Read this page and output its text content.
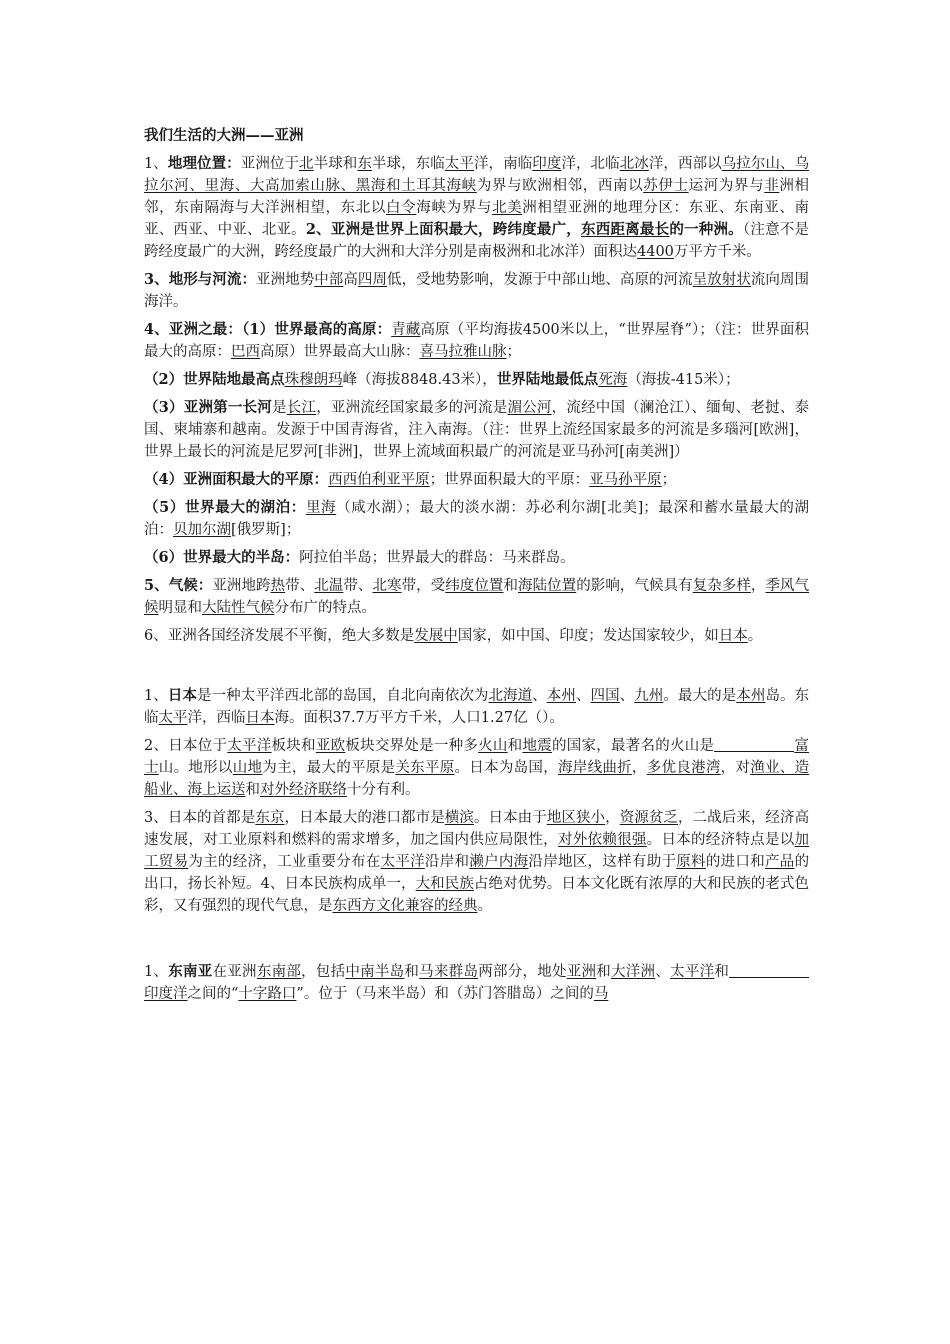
我们生活的大洲——亚洲
1、地理位置：亚洲位于北半球和东半球，东临太平洋，南临印度洋，北临北冰洋，西部以乌拉尔山、乌拉尔河、里海、大高加索山脉、黑海和土耳其海峡为界与欧洲相邻，西南以苏伊士运河为界与非洲相邻，东南隔海与大洋洲相望，东北以白令海峡为界与北美洲相望亚洲的地理分区：东亚、东南亚、南亚、西亚、中亚、北亚。2、亚洲是世界上面积最大，跨纬度最广，东西距离最长的一种洲。（注意不是跨经度最广的大洲，跨经度最广的大洲和大洋分别是南极洲和北冰洋）面积达4400万平方千米。
3、地形与河流：亚洲地势中部高四周低，受地势影响，发源于中部山地、高原的河流呈放射状流向周围海洋。
4、亚洲之最：（1）世界最高的高原：青藏高原（平均海拔4500米以上，“世界屋脊”）；（注：世界面积最大的高原：巴西高原）世界最高大山脉：喜马拉雅山脉；
（2）世界陆地最高点珠穆朗玛峰（海拔8848.43米），世界陆地最低点死海（海拔-415米）；
（3）亚洲第一长河是长江，亚洲流经国家最多的河流是湄公河，流经中国（澜沧江）、缅甸、老挝、泰国、柬埔寨和越南。发源于中国青海省，注入南海。（注：世界上流经国家最多的河流是多瑙河[欧洲]，世界上最长的河流是尼罗河[非洲]，世界上流域面积最广的河流是亚马孙河[南美洲]）
（4）亚洲面积最大的平原：西西伯利亚平原；世界面积最大的平原：亚马孙平原；
（5）世界最大的湖泊：里海（咸水湖）；最大的淡水湖：苏必利尔湖[北美]；最深和蓄水量最大的湖泊：贝加尔湖[俄罗斯]；
（6）世界最大的半岛：阿拉伯半岛；世界最大的群岛：马来群岛。
5、气候：亚洲地跨热带、北温带、北寒带，受纬度位置和海陆位置的影响，气候具有复杂多样，季风气候明显和大陆性气候分布广的特点。
6、亚洲各国经济发展不平衡，绝大多数是发展中国家，如中国、印度；发达国家较少，如日本。
1、日本是一种太平洋西北部的岛国，自北向南依次为北海道、本州、四国、九州。最大的是本州岛。东临太平洋，西临日本海。面积37.7万平方千米，人口1.27亿（）。
2、日本位于太平洋板块和亚欧板块交界处是一种多火山和地震的国家，最著名的火山是	富士山。地形以山地为主，最大的平原是关东平原。日本为岛国，海岸线曲折，多优良港湾，对渔业、造船业、海上运送和对外经济联络十分有利。
3、日本的首都是东京，日本最大的港口都市是横滨。日本由于地区狭小，资源贫乏，二战后来，经济高速发展，对工业原料和燃料的需求增多，加之国内供应局限性，对外依赖很强。日本的经济特点是以加工贸易为主的经济，工业重要分布在太平洋沿岸和濑户内海沿岸地区，这样有助于原料的进口和产品的出口，扬长补短。4、日本民族构成单一，大和民族占绝对优势。日本文化既有浓厚的大和民族的老式色彩，又有强烈的现代气息，是东西方文化兼容的经典。
1、东南亚在亚洲东南部，包括中南半岛和马来群岛两部分，地处亚洲和大洋洲、太平洋和印度洋之间的“十字路口”。位于（马来半岛）和（苏门答腊岛）之间的马
